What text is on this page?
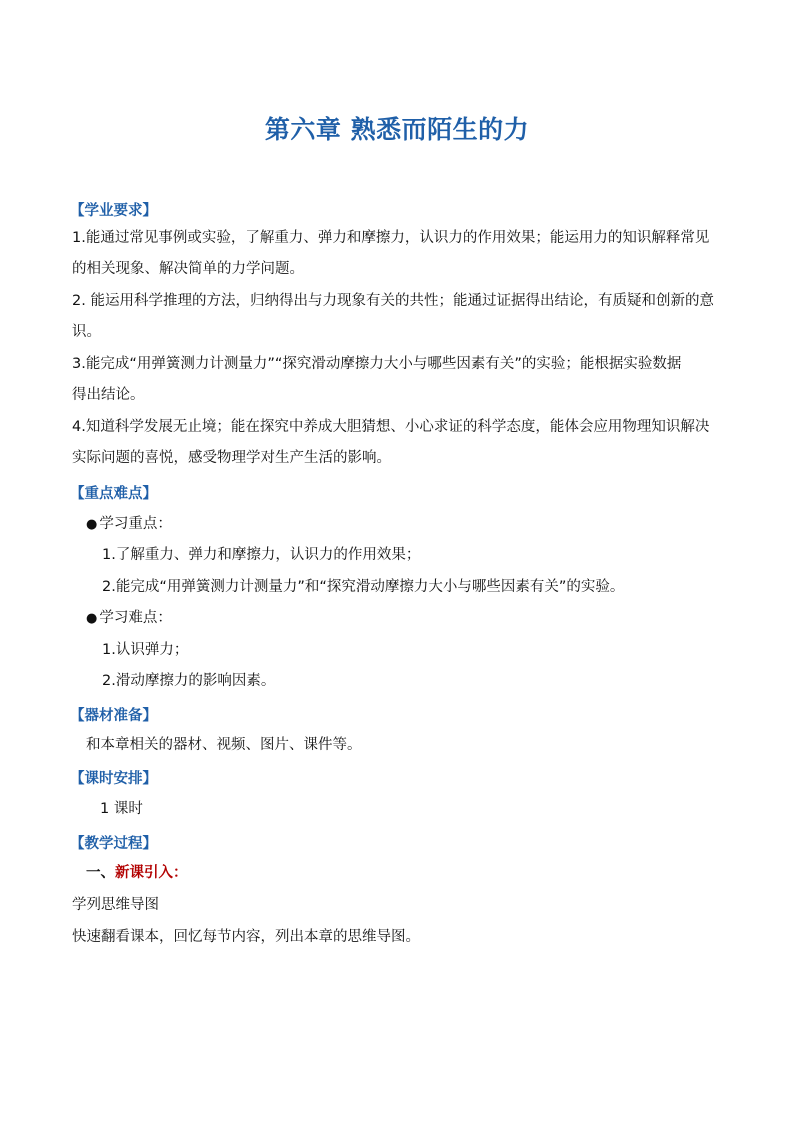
第六章 熟悉而陌生的力
【学业要求】
1.能通过常见事例或实验，了解重力、弹力和摩擦力，认识力的作用效果；能运用力的知识解释常见
的相关现象、解决简单的力学问题。
2. 能运用科学推理的方法，归纳得出与力现象有关的共性；能通过证据得出结论，有质疑和创新的意
识。
3.能完成“用弹簧测力计测量力”“探究滑动摩擦力大小与哪些因素有关”的实验；能根据实验数据
得出结论。
4.知道科学发展无止境；能在探究中养成大胆猜想、小心求证的科学态度，能体会应用物理知识解决
实际问题的喜悦，感受物理学对生产生活的影响。
【重点难点】
● 学习重点：
1.了解重力、弹力和摩擦力，认识力的作用效果；
2.能完成“用弹簧测力计测量力”和“探究滑动摩擦力大小与哪些因素有关”的实验。
● 学习难点：
1.认识弹力；
2.滑动摩擦力的影响因素。
【器材准备】
和本章相关的器材、视频、图片、课件等。
【课时安排】
1 课时
【教学过程】
一、新课引入：
学列思维导图
快速翻看课本，回忆每节内容，列出本章的思维导图。
